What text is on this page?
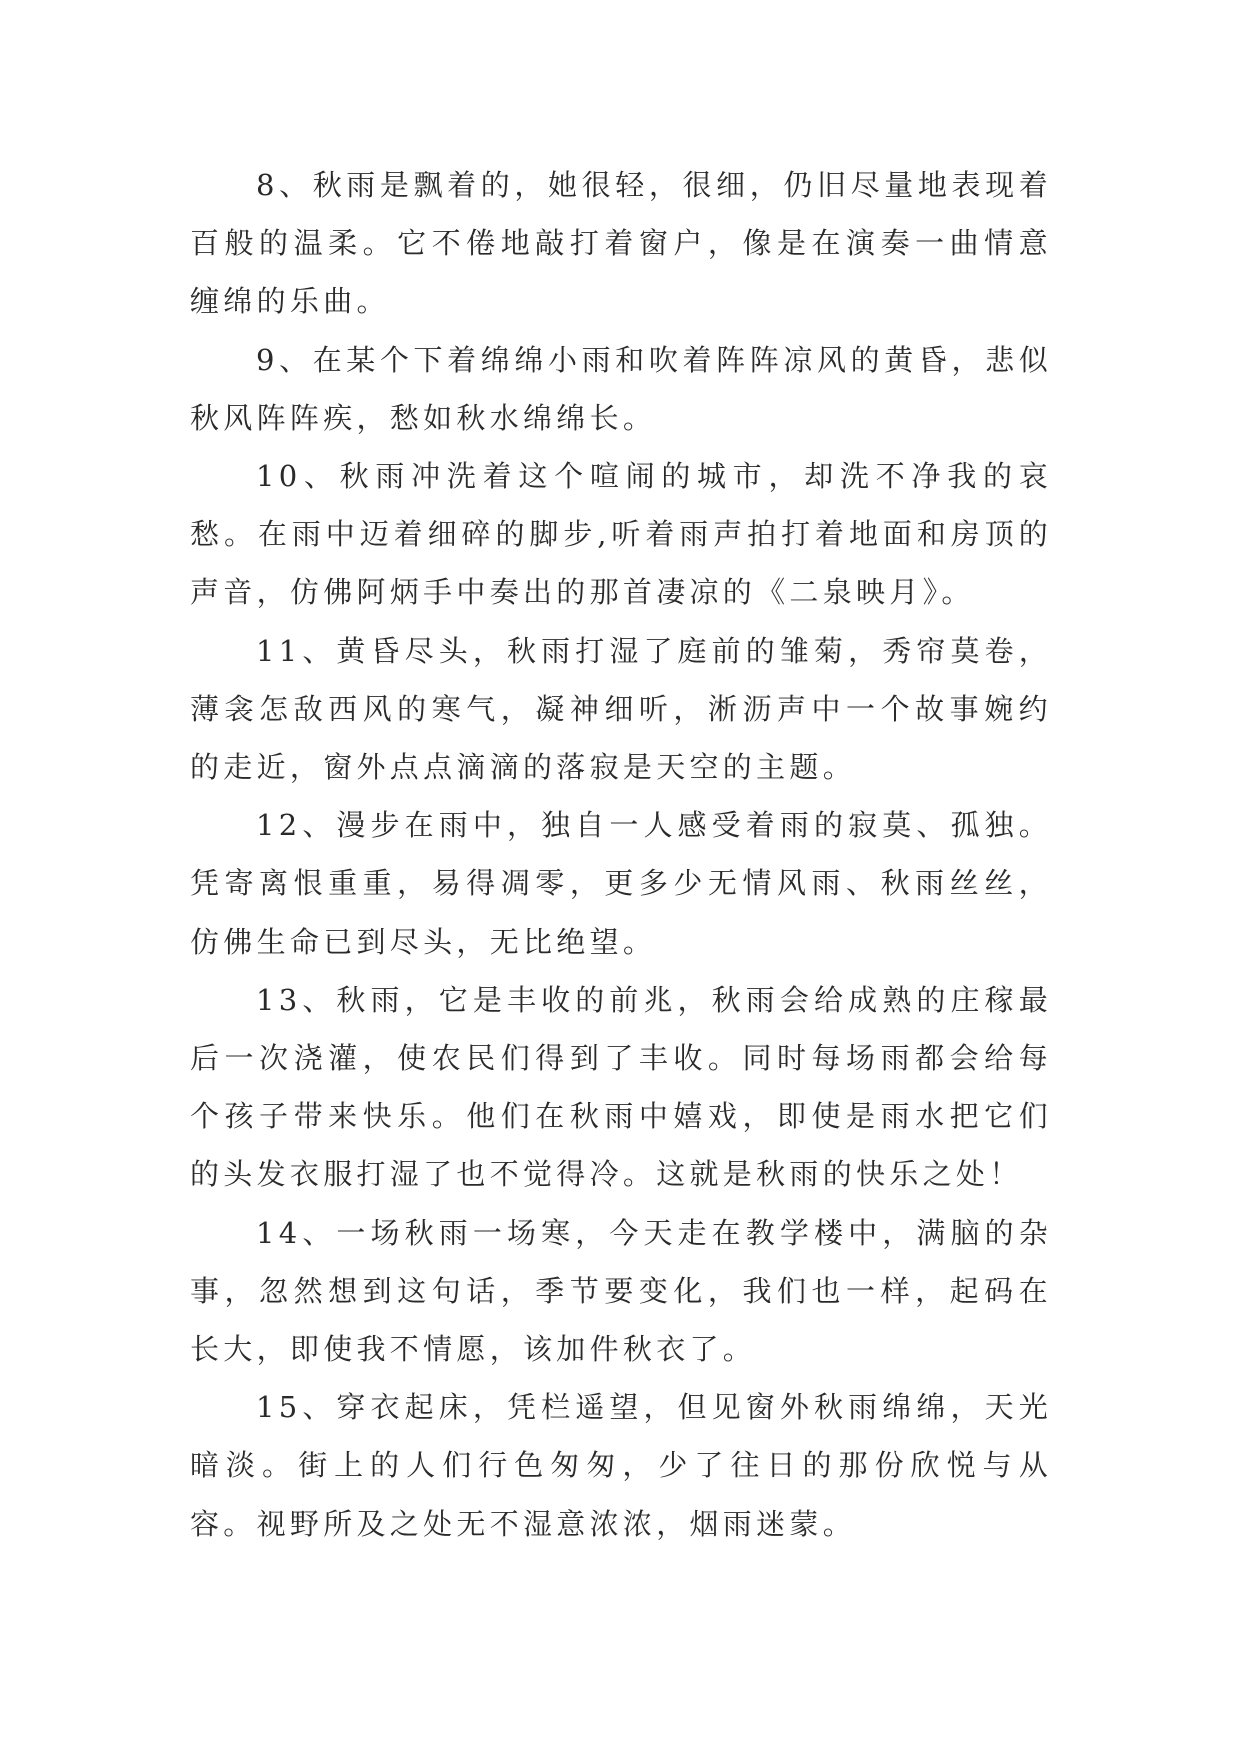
8、秋雨是飘着的，她很轻，很细，仍旧尽量地表现着百般的温柔。它不倦地敲打着窗户，像是在演奏一曲情意缠绵的乐曲。

9、在某个下着绵绵小雨和吹着阵阵凉风的黄昏，悲似秋风阵阵疾，愁如秋水绵绵长。

10、秋雨冲洗着这个喧闹的城市，却洗不净我的哀愁。在雨中迈着细碎的脚步,听着雨声拍打着地面和房顶的声音，仿佛阿炳手中奏出的那首凄凉的《二泉映月》。

11、黄昏尽头，秋雨打湿了庭前的雏菊，秀帘莫卷，薄衾怎敌西风的寒气，凝神细听，淅沥声中一个故事婉约的走近，窗外点点滴滴的落寂是天空的主题。

12、漫步在雨中，独自一人感受着雨的寂莫、孤独。凭寄离恨重重，易得凋零，更多少无情风雨、秋雨丝丝，仿佛生命已到尽头，无比绝望。

13、秋雨，它是丰收的前兆，秋雨会给成熟的庄稼最后一次浇灌，使农民们得到了丰收。同时每场雨都会给每个孩子带来快乐。他们在秋雨中嬉戏，即使是雨水把它们的头发衣服打湿了也不觉得冷。这就是秋雨的快乐之处！

14、一场秋雨一场寒，今天走在教学楼中，满脑的杂事，忽然想到这句话，季节要变化，我们也一样，起码在长大，即使我不情愿，该加件秋衣了。

15、穿衣起床，凭栏遥望，但见窗外秋雨绵绵，天光暗淡。街上的人们行色匆匆，少了往日的那份欣悦与从容。视野所及之处无不湿意浓浓，烟雨迷蒙。
